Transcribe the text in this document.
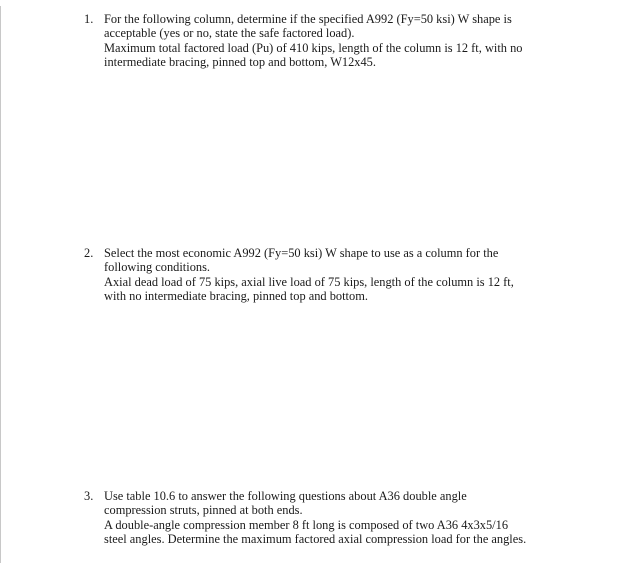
1. For the following column, determine if the specified A992 (Fy=50 ksi) W shape is
acceptable (yes or no, state the safe factored load).

Maximum total factored load (Pu) of 410 kips, length of the column is 12 ft, with no
intermediate bracing, pinned top and bottom, W12x45.

2. Select the most economic A992 (Fy=50 ksi) W shape to use as a column for the
following conditions.

Axial dead load of 75 kips, axial live load of 75 kips, length of the column is 12 ft,
with no intermediate bracing, pinned top and bottom.

3. Use table 10.6 to answer the following questions about A36 double angle
compression struts, pinned at both ends.

A double-angle compression member 8 ft long is composed of two A36 4x3x5/16
steel angles. Determine the maximum factored axial compression load for the angles.
